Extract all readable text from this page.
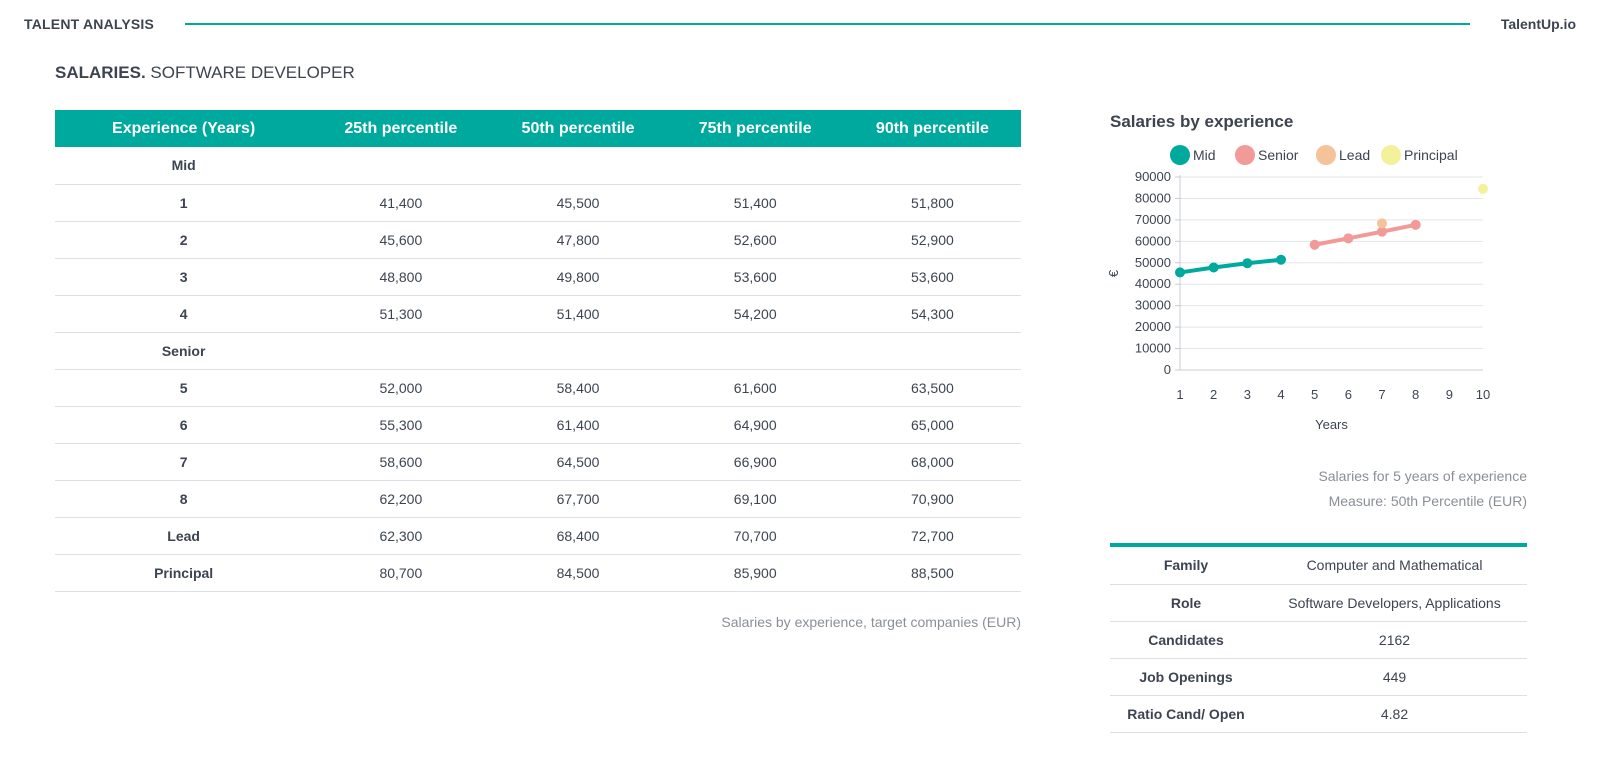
TALENT ANALYSIS	TalentUp.io
SALARIES. SOFTWARE DEVELOPER
Experience (Years)	25th percentile	50th percentile	75th percentile	90th percentile
Mid				
1	41,400	45,500	51,400	51,800
2	45,600	47,800	52,600	52,900
3	48,800	49,800	53,600	53,600
4	51,300	51,400	54,200	54,300
Senior				
5	52,000	58,400	61,600	63,500
6	55,300	61,400	64,900	65,000
7	58,600	64,500	66,900	68,000
8	62,200	67,700	69,100	70,900
Lead	62,300	68,400	70,700	72,700
Principal	80,700	84,500	85,900	88,500
Salaries by experience, target companies (EUR)
Salaries by experience
0
10000
20000
30000
40000
50000
60000
70000
80000
90000
1 2 3 4 5 6 7 8 9 10
Years
€
Mid	Senior	Lead Principal
Salaries for 5 years of experience
Measure: 50th Percentile (EUR)
Family	Computer and Mathematical
Role	Software Developers, Applications
Candidates	2162
Job Openings	449
Ratio Cand/ Open	4.82
